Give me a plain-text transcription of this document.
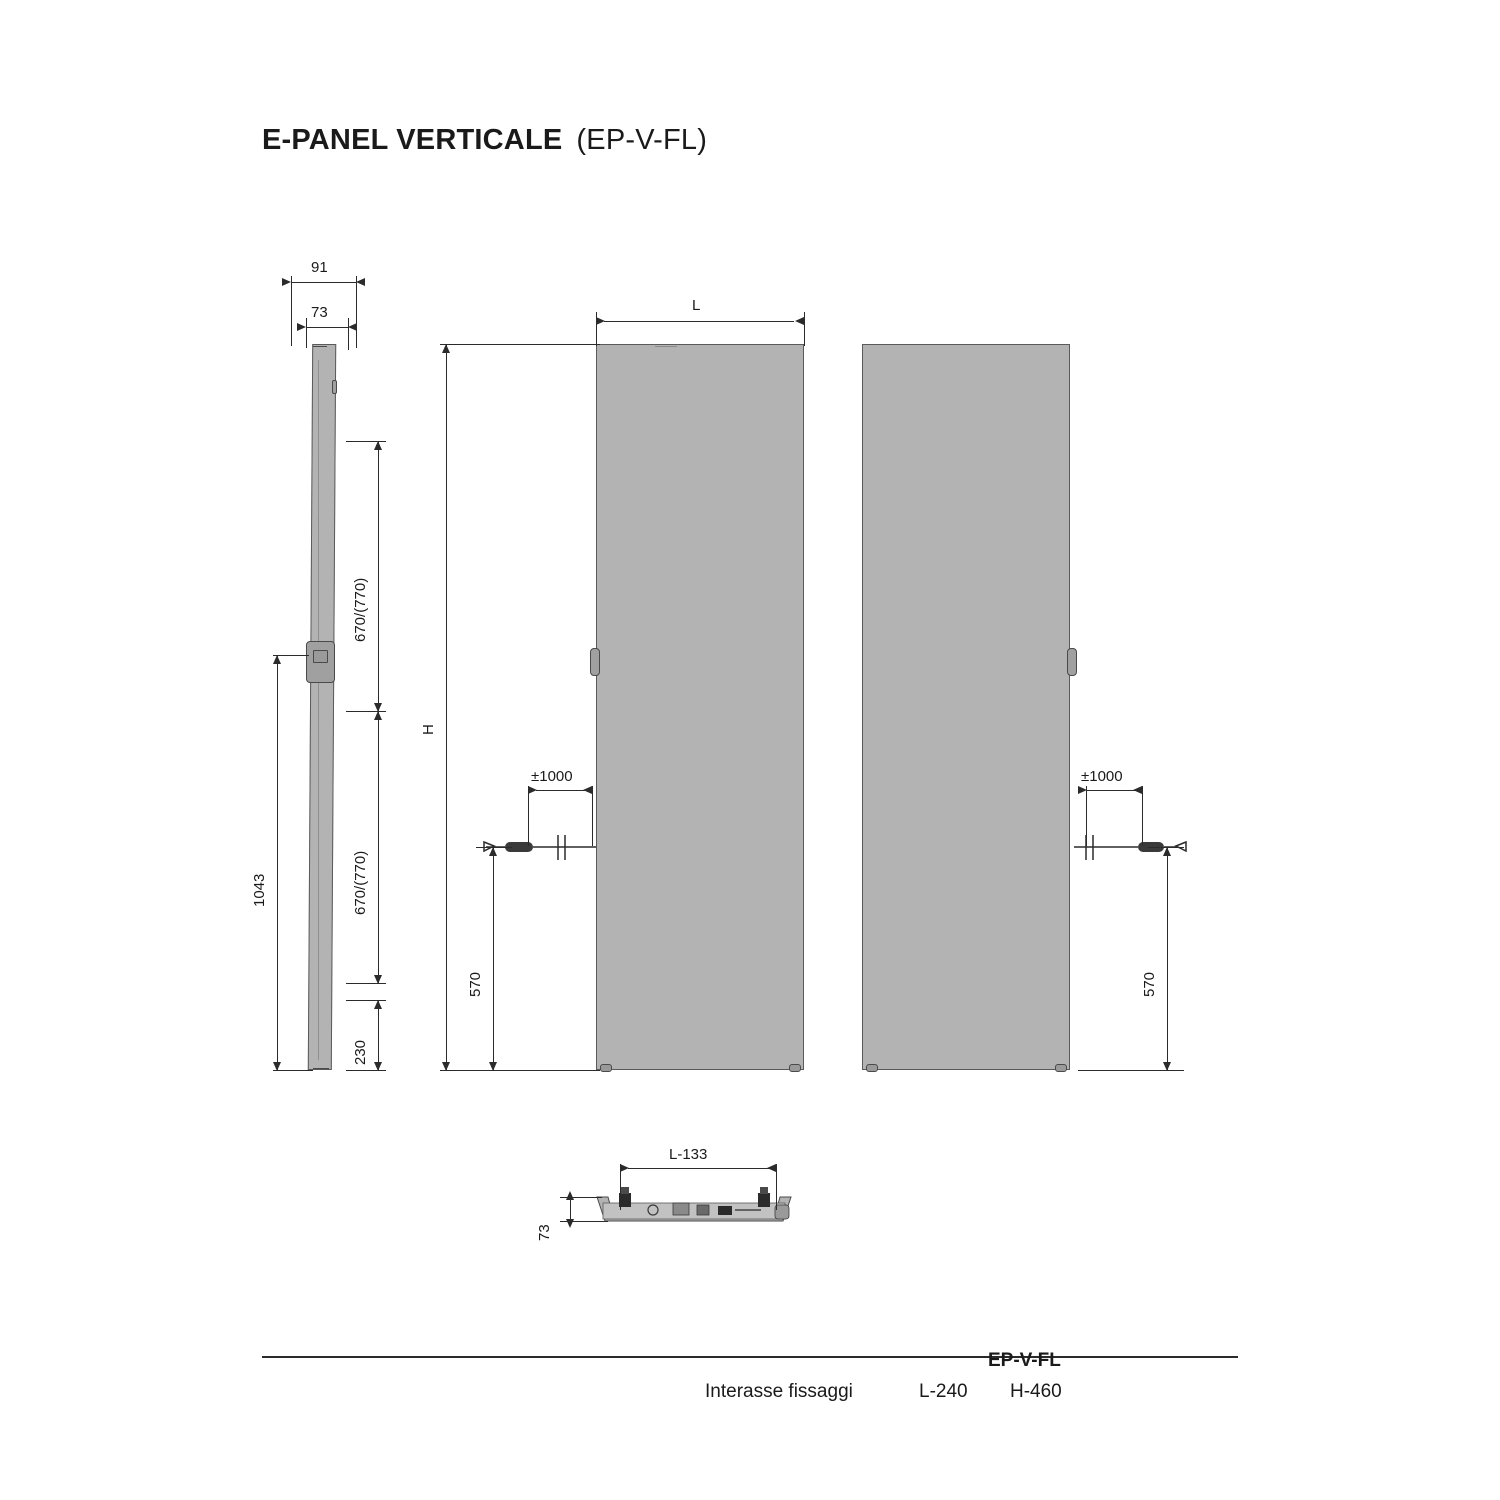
E-PANEL VERTICALE (EP-V-FL)
91
73
1043
670/(770)
670/(770)
230
L
H
±1000
570
±1000
570
L-133
73
EP-V-FL
Interasse fissaggi	L-240 H-460
